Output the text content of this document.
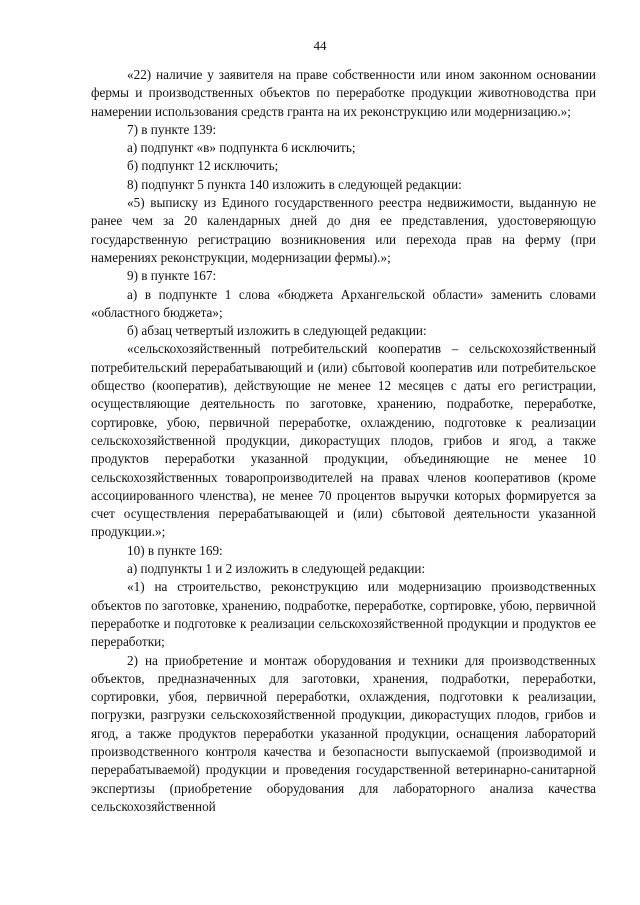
44

«22) наличие у заявителя на праве собственности или ином законном основании фермы и производственных объектов по переработке продукции животноводства при намерении использования средств гранта на их реконструкцию или модернизацию.»;

7) в пункте 139:

а) подпункт «в» подпункта 6 исключить;

б) подпункт 12 исключить;

8) подпункт 5 пункта 140 изложить в следующей редакции:

«5) выписку из Единого государственного реестра недвижимости, выданную не ранее чем за 20 календарных дней до дня ее представления, удостоверяющую государственную регистрацию возникновения или перехода прав на ферму (при намерениях реконструкции, модернизации фермы).»;

9) в пункте 167:

а) в подпункте 1 слова «бюджета Архангельской области» заменить словами «областного бюджета»;

б) абзац четвертый изложить в следующей редакции:

«сельскохозяйственный потребительский кооператив – сельскохозяйственный потребительский перерабатывающий и (или) сбытовой кооператив или потребительское общество (кооператив), действующие не менее 12 месяцев с даты его регистрации, осуществляющие деятельность по заготовке, хранению, подработке, переработке, сортировке, убою, первичной переработке, охлаждению, подготовке к реализации сельскохозяйственной продукции, дикорастущих плодов, грибов и ягод, а также продуктов переработки указанной продукции, объединяющие не менее 10 сельскохозяйственных товаропроизводителей на правах членов кооперативов (кроме ассоциированного членства), не менее 70 процентов выручки которых формируется за счет осуществления перерабатывающей и (или) сбытовой деятельности указанной продукции.»;

10) в пункте 169:

а) подпункты 1 и 2 изложить в следующей редакции:

«1) на строительство, реконструкцию или модернизацию производственных объектов по заготовке, хранению, подработке, переработке, сортировке, убою, первичной переработке и подготовке к реализации сельскохозяйственной продукции и продуктов ее переработки;

2) на приобретение и монтаж оборудования и техники для производственных объектов, предназначенных для заготовки, хранения, подработки, переработки, сортировки, убоя, первичной переработки, охлаждения, подготовки к реализации, погрузки, разгрузки сельскохозяйственной продукции, дикорастущих плодов, грибов и ягод, а также продуктов переработки указанной продукции, оснащения лабораторий производственного контроля качества и безопасности выпускаемой (производимой и перерабатываемой) продукции и проведения государственной ветеринарно-санитарной экспертизы (приобретение оборудования для лабораторного анализа качества сельскохозяйственной
